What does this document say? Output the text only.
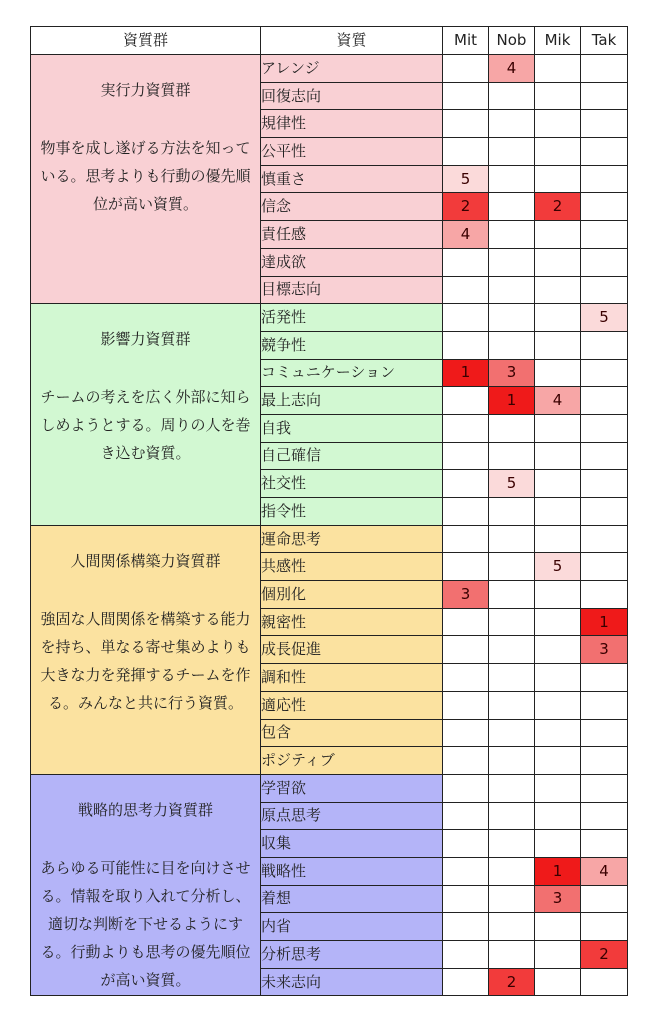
資質群	資質	Mit	Nob	Mik	Tak

実行力資質群
物事を成し遂げる方法を知っている。思考よりも行動の優先順位が高い資質。	アレンジ		4		
	回復志向				
	規律性				
	公平性				
	慎重さ	5			
	信念	2		2	
	責任感	4			
	達成欲				
	目標志向				

影響力資質群
チームの考えを広く外部に知らしめようとする。周りの人を巻き込む資質。	活発性				5
	競争性				
	コミュニケーション	1	3		
	最上志向		1	4	
	自我				
	自己確信				
	社交性		5		
	指令性				

人間関係構築力資質群
強固な人間関係を構築する能力を持ち、単なる寄せ集めよりも大きな力を発揮するチームを作る。みんなと共に行う資質。	運命思考				
	共感性			5	
	個別化	3			
	親密性				1
	成長促進				3
	調和性				
	適応性				
	包含				
	ポジティブ				

戦略的思考力資質群
あらゆる可能性に目を向けさせる。情報を取り入れて分析し、適切な判断を下せるようにする。行動よりも思考の優先順位が高い資質。	学習欲				
	原点思考				
	収集				
	戦略性			1	4
	着想			3	
	内省				
	分析思考				2
	未来志向		2		
